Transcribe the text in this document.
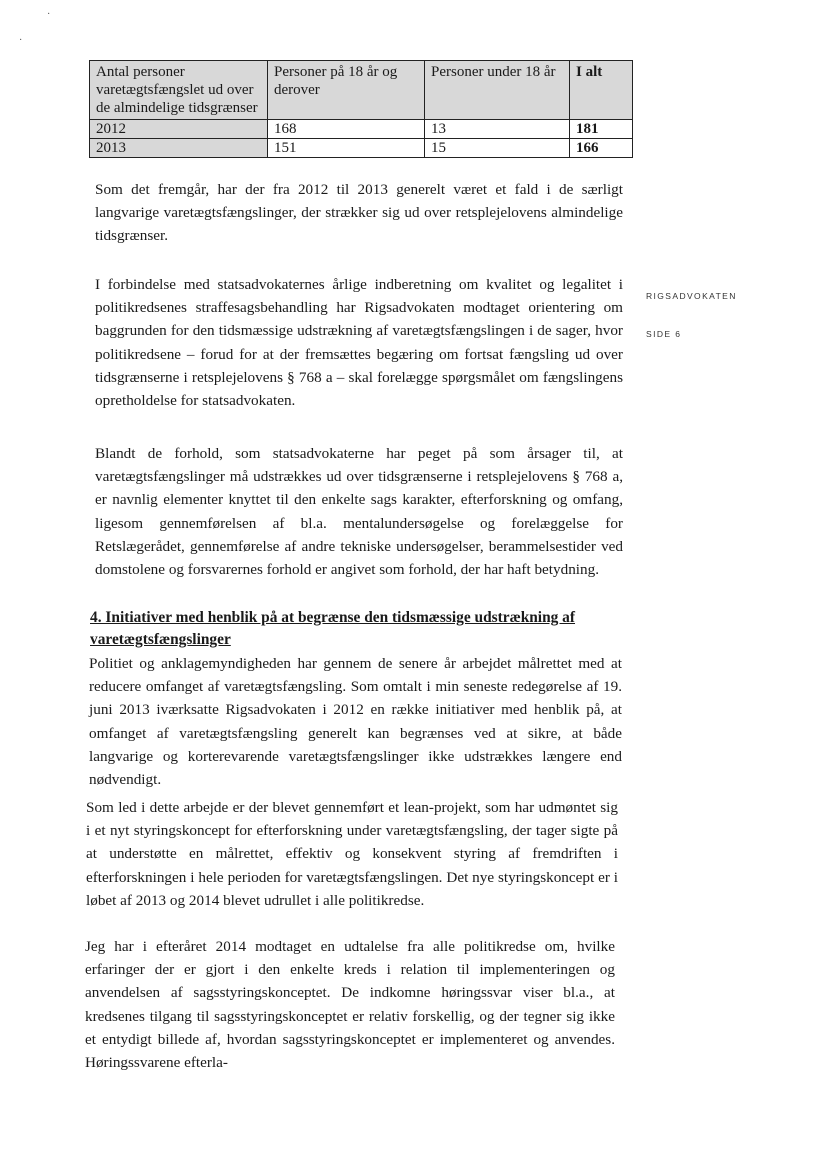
·
·
Antal personer varetægtsfængslet ud over de almindelige tidsgrænser	Personer på 18 år og derover	Personer under 18 år	I alt
2012	168	13	181
2013	151	15	166
RIGSADVOKATEN
SIDE 6

Som det fremgår, har der fra 2012 til 2013 generelt været et fald i de særligt langvarige varetægtsfængslinger, der strækker sig ud over retsplejelovens almindelige tidsgrænser.

I forbindelse med statsadvokaternes årlige indberetning om kvalitet og legalitet i politikredsenes straffesagsbehandling har Rigsadvokaten modtaget orientering om baggrunden for den tidsmæssige udstrækning af varetægtsfængslingen i de sager, hvor politikredsene – forud for at der fremsættes begæring om fortsat fængsling ud over tidsgrænserne i retsplejelovens § 768 a – skal forelægge spørgsmålet om fængslingens opretholdelse for statsadvokaten.

Blandt de forhold, som statsadvokaterne har peget på som årsager til, at varetægtsfængslinger må udstrækkes ud over tidsgrænserne i retsplejelovens § 768 a, er navnlig elementer knyttet til den enkelte sags karakter, efterforskning og omfang, ligesom gennemførelsen af bl.a. mentalundersøgelse og forelæggelse for Retslægerådet, gennemførelse af andre tekniske undersøgelser, berammelsestider ved domstolene og forsvarernes forhold er angivet som forhold, der har haft betydning.

4. Initiativer med henblik på at begrænse den tidsmæssige udstrækning af varetægtsfængslinger

Politiet og anklagemyndigheden har gennem de senere år arbejdet målrettet med at reducere omfanget af varetægtsfængsling. Som omtalt i min seneste redegørelse af 19. juni 2013 iværksatte Rigsadvokaten i 2012 en række initiativer med henblik på, at omfanget af varetægtsfængsling generelt kan begrænses ved at sikre, at både langvarige og korterevarende varetægtsfængslinger ikke udstrækkes længere end nødvendigt.

Som led i dette arbejde er der blevet gennemført et lean-projekt, som har udmøntet sig i et nyt styringskoncept for efterforskning under varetægtsfængsling, der tager sigte på at understøtte en målrettet, effektiv og konsekvent styring af fremdriften i efterforskningen i hele perioden for varetægtsfængslingen. Det nye styringskoncept er i løbet af 2013 og 2014 blevet udrullet i alle politikredse.

Jeg har i efteråret 2014 modtaget en udtalelse fra alle politikredse om, hvilke erfaringer der er gjort i den enkelte kreds i relation til implementeringen og anvendelsen af sagsstyringskonceptet. De indkomne høringssvar viser bl.a., at kredsenes tilgang til sagsstyringskonceptet er relativ forskellig, og der tegner sig ikke et entydigt billede af, hvordan sagsstyringskonceptet er implementeret og anvendes. Høringssvarene efterla-
